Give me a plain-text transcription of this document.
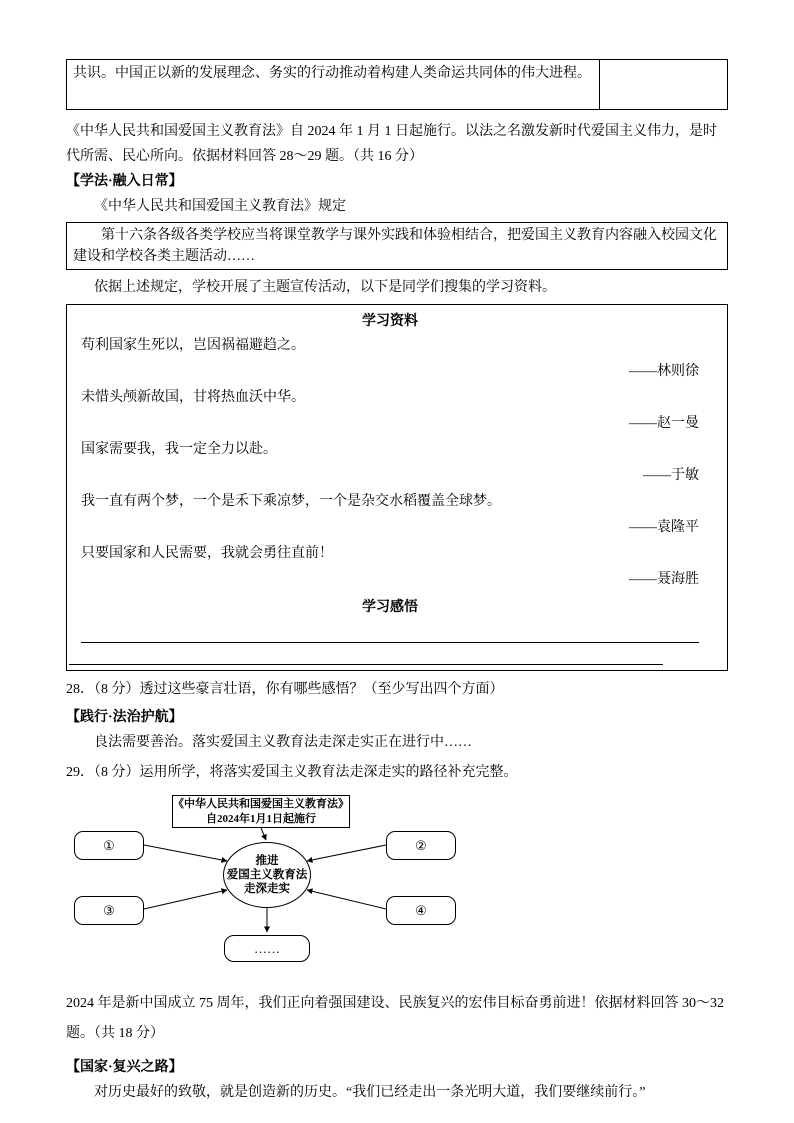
共识。中国正以新的发展理念、务实的行动推动着构建人类命运共同体的伟大进程。

《中华人民共和国爱国主义教育法》自 2024 年 1 月 1 日起施行。以法之名激发新时代爱国主义伟力，是时代所需、民心所向。依据材料回答 28～29 题。（共 16 分）

【学法·融入日常】

《中华人民共和国爱国主义教育法》规定

第十六条各级各类学校应当将课堂教学与课外实践和体验相结合，把爱国主义教育内容融入校园文化建设和学校各类主题活动……

依据上述规定，学校开展了主题宣传活动，以下是同学们搜集的学习资料。

学习资料

苟利国家生死以，岂因祸福避趋之。

——林则徐

未惜头颅新故国，甘将热血沃中华。

——赵一曼

国家需要我，我一定全力以赴。

——于敏

我一直有两个梦，一个是禾下乘凉梦，一个是杂交水稻覆盖全球梦。

——袁隆平

只要国家和人民需要，我就会勇往直前！

——聂海胜

学习感悟

28．（8 分）透过这些豪言壮语，你有哪些感悟？（至少写出四个方面）

【践行·法治护航】

良法需要善治。落实爱国主义教育法走深走实正在进行中……

29．（8 分）运用所学，将落实爱国主义教育法走深走实的路径补充完整。

《中华人民共和国爱国主义教育法》
自2024年1月1日起施行
推进
爱国主义教育法
走深走实
①	②
③	④
……

2024 年是新中国成立 75 周年，我们正向着强国建设、民族复兴的宏伟目标奋勇前进！依据材料回答 30～32 题。（共 18 分）

【国家·复兴之路】

对历史最好的致敬，就是创造新的历史。“我们已经走出一条光明大道，我们要继续前行。”
